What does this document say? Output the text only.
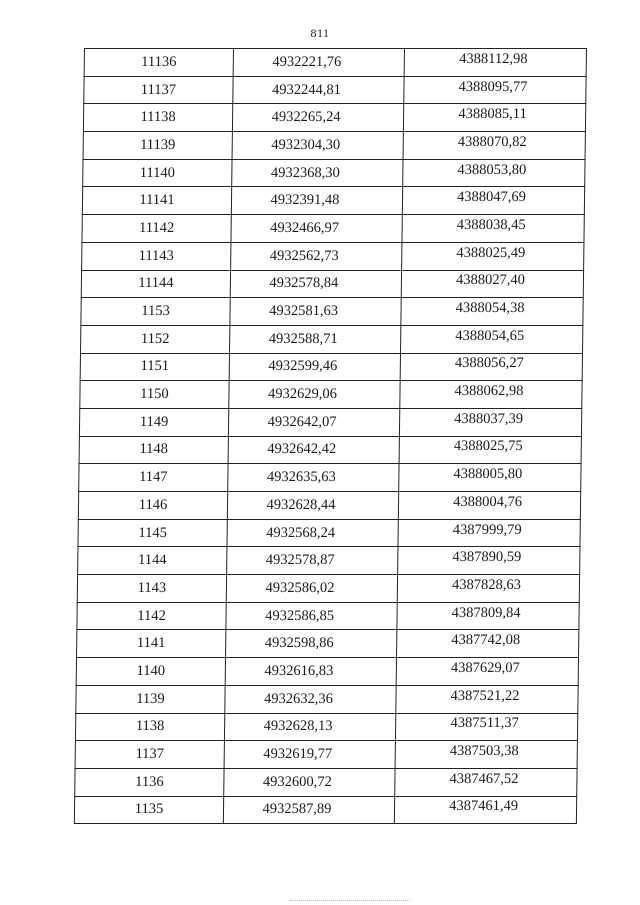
811
11136	4932221,76	4388112,98
11137	4932244,81	4388095,77
11138	4932265,24	4388085,11
11139	4932304,30	4388070,82
11140	4932368,30	4388053,80
11141	4932391,48	4388047,69
11142	4932466,97	4388038,45
11143	4932562,73	4388025,49
11144	4932578,84	4388027,40
1153	4932581,63	4388054,38
1152	4932588,71	4388054,65
1151	4932599,46	4388056,27
1150	4932629,06	4388062,98
1149	4932642,07	4388037,39
1148	4932642,42	4388025,75
1147	4932635,63	4388005,80
1146	4932628,44	4388004,76
1145	4932568,24	4387999,79
1144	4932578,87	4387890,59
1143	4932586,02	4387828,63
1142	4932586,85	4387809,84
1141	4932598,86	4387742,08
1140	4932616,83	4387629,07
1139	4932632,36	4387521,22
1138	4932628,13	4387511,37
1137	4932619,77	4387503,38
1136	4932600,72	4387467,52
1135	4932587,89	4387461,49
